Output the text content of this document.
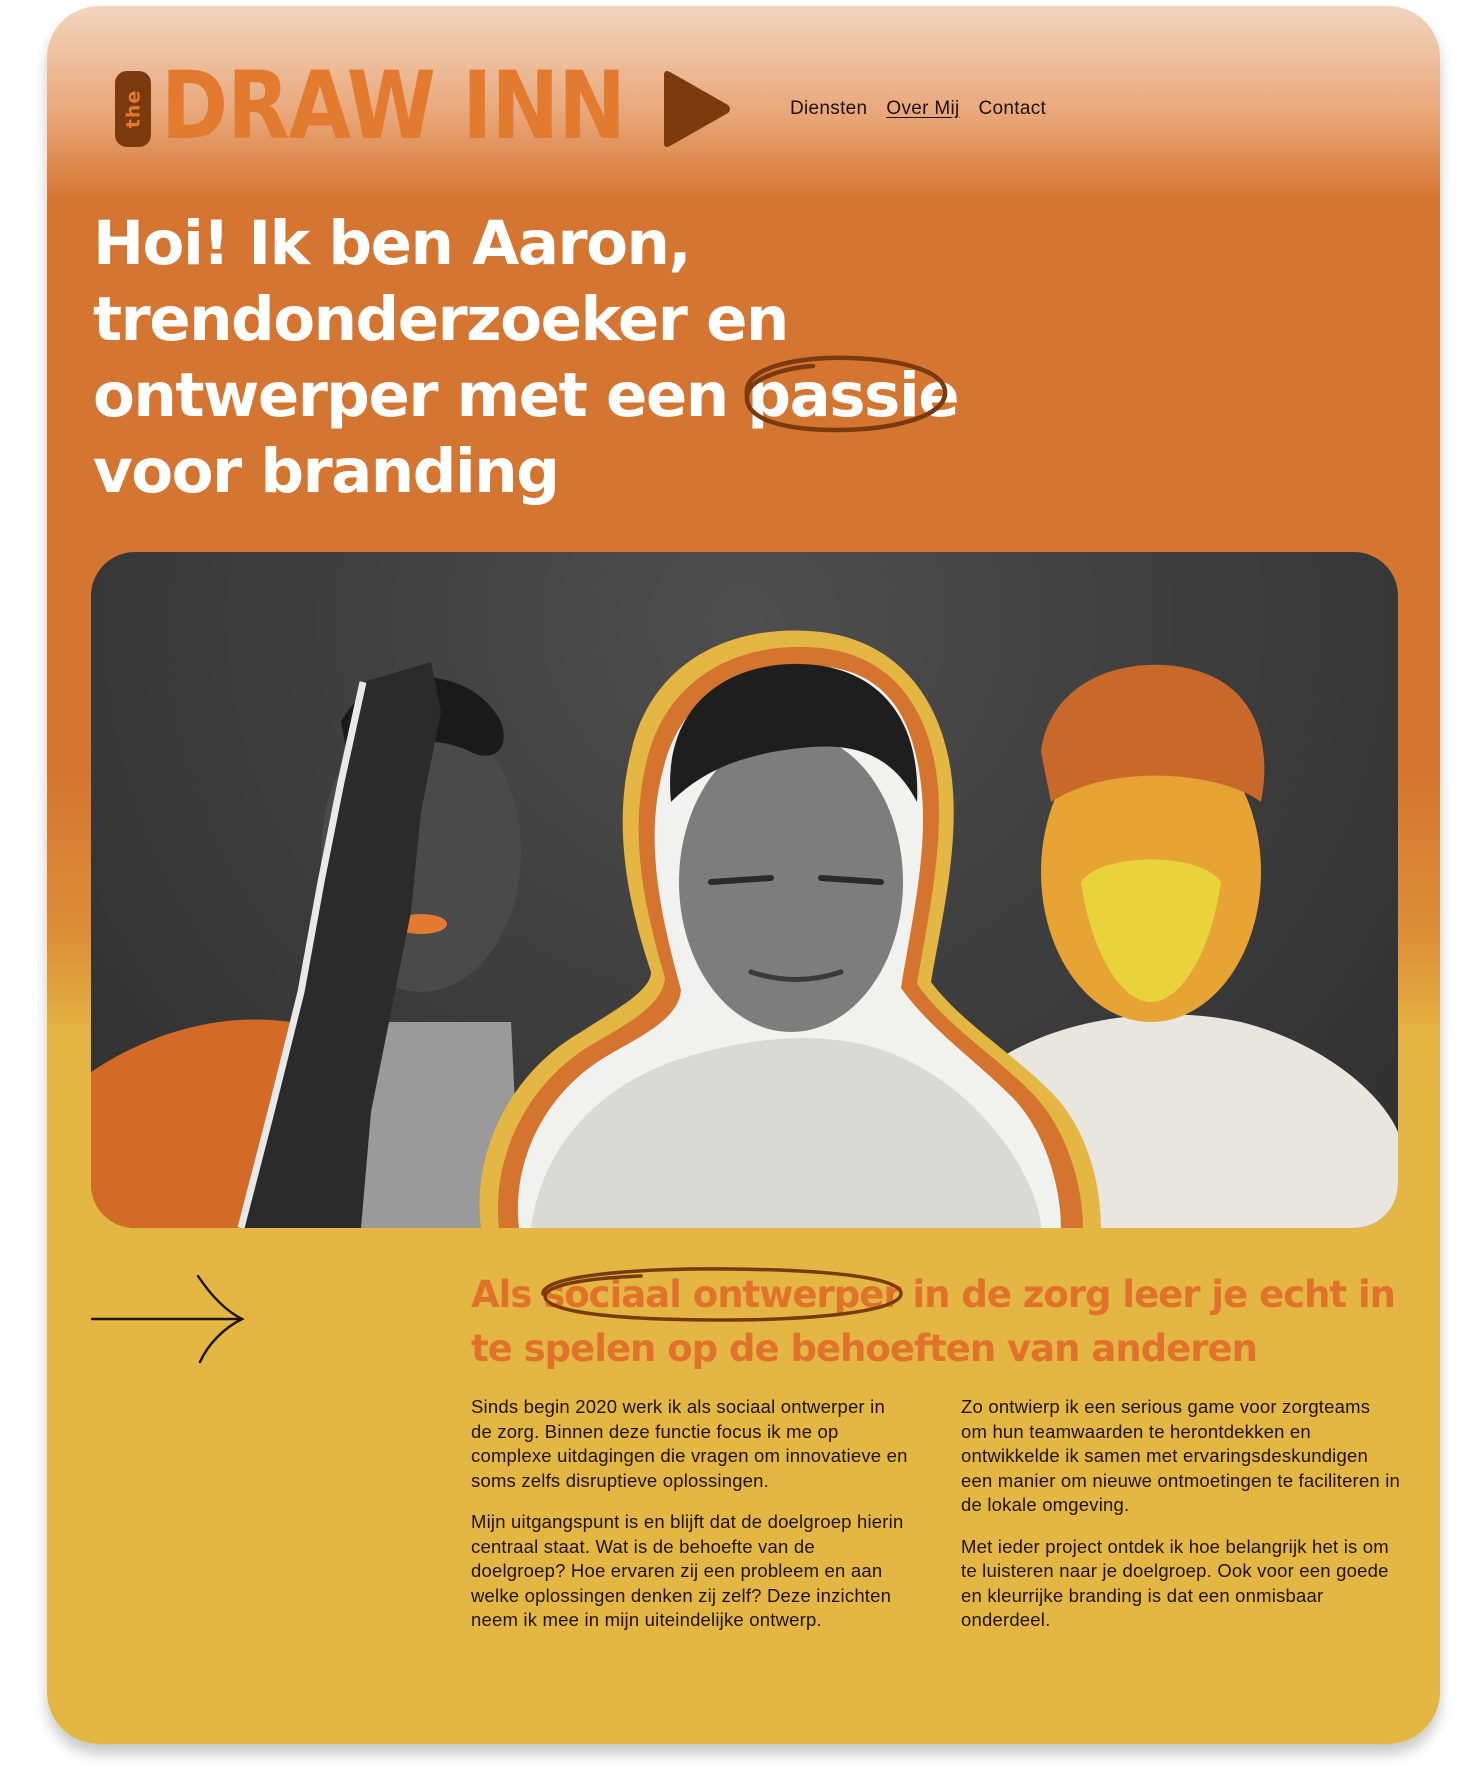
the DRAW INN	Diensten Over Mij Contact
Hoi! Ik ben Aaron, trendonderzoeker en ontwerper met een passie
voor branding
Als sociaal ontwerper
in de zorg leer je echt in te spelen op de behoeften van anderen

Sinds begin 2020 werk ik als sociaal ontwerper in de zorg. Binnen deze functie focus ik me op complexe uitdagingen die vragen om innovatieve en soms zelfs disruptieve oplossingen.

Mijn uitgangspunt is en blijft dat de doelgroep hierin centraal staat. Wat is de behoefte van de doelgroep? Hoe ervaren zij een probleem en aan welke oplossingen denken zij zelf? Deze inzichten neem ik mee in mijn uiteindelijke ontwerp.

Zo ontwierp ik een serious game voor zorgteams om hun teamwaarden te herontdekken en ontwikkelde ik samen met ervaringsdeskundigen een manier om nieuwe ontmoetingen te faciliteren in de lokale omgeving.

Met ieder project ontdek ik hoe belangrijk het is om te luisteren naar je doelgroep. Ook voor een goede en kleurrijke branding is dat een onmisbaar onderdeel.
